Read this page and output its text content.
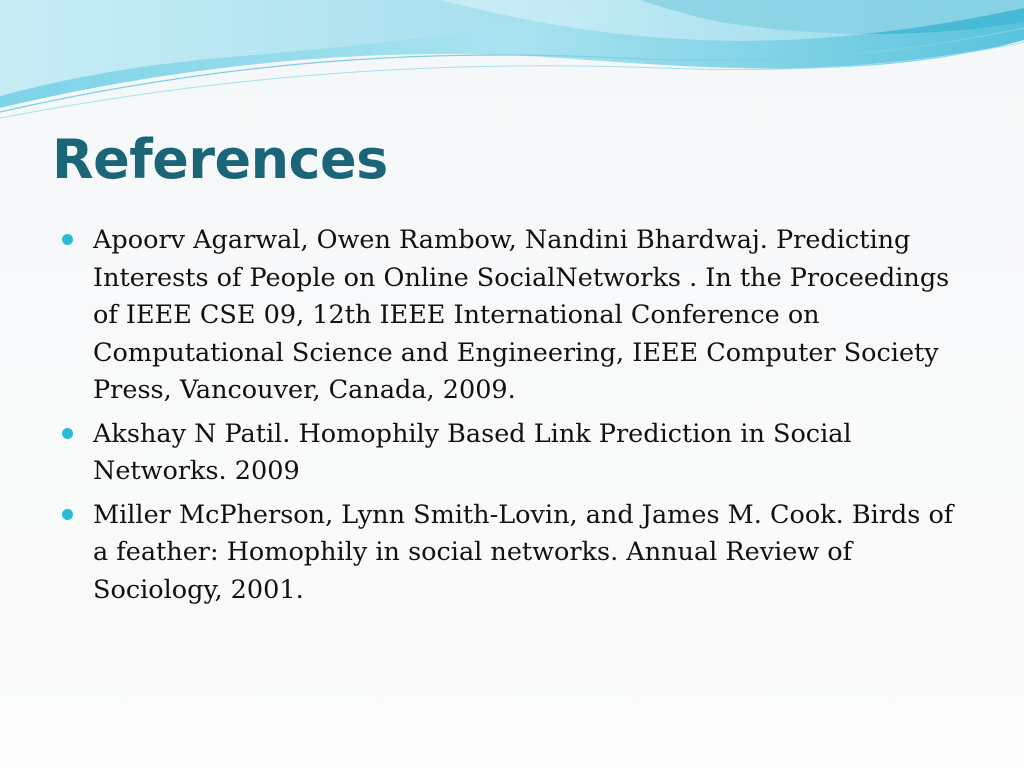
References
Apoorv Agarwal, Owen Rambow, Nandini Bhardwaj. Predicting Interests of People on Online SocialNetworks . In the Proceedings of IEEE CSE 09, 12th IEEE International Conference on Computational Science and Engineering, IEEE Computer Society Press, Vancouver, Canada, 2009.
Akshay N Patil. Homophily Based Link Prediction in Social Networks. 2009
Miller McPherson, Lynn Smith-Lovin, and James M. Cook. Birds of a feather: Homophily in social networks. Annual Review of Sociology, 2001.
